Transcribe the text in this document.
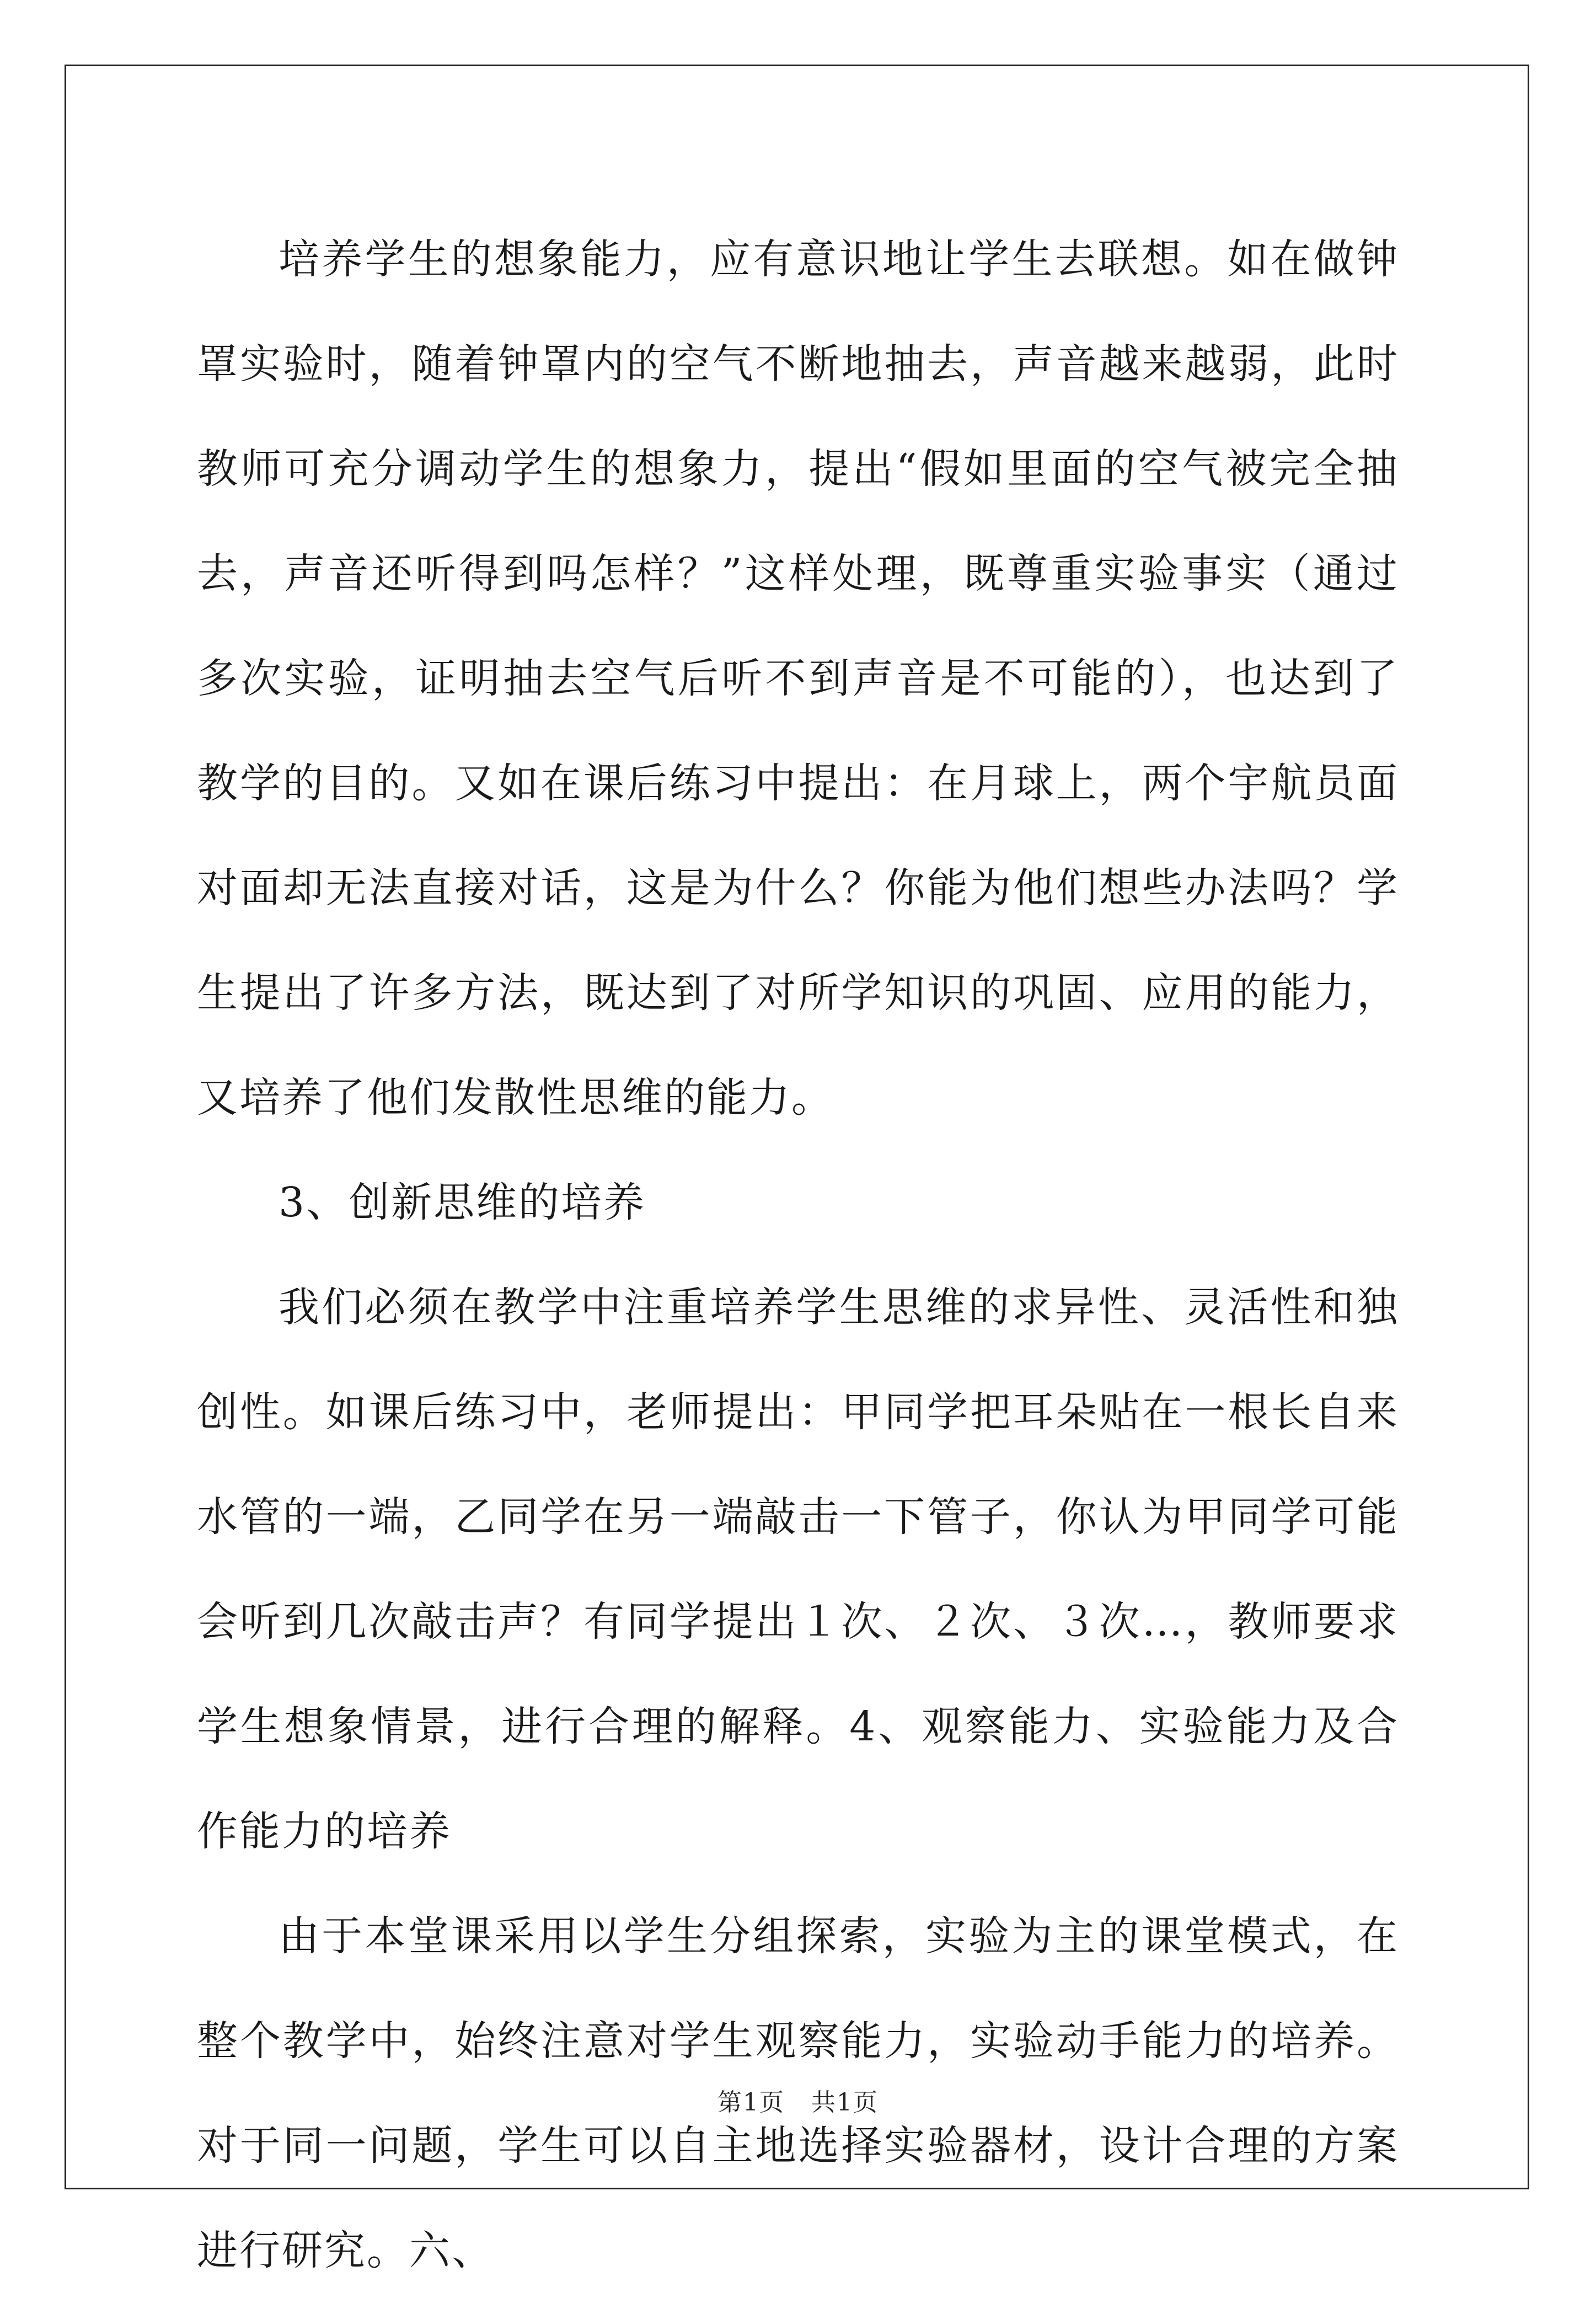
培养学生的想象能力，应有意识地让学生去联想。如在做钟罩实验时，随着钟罩内的空气不断地抽去，声音越来越弱，此时教师可充分调动学生的想象力，提出“假如里面的空气被完全抽去，声音还听得到吗怎样？”这样处理，既尊重实验事实（通过多次实验，证明抽去空气后听不到声音是不可能的），也达到了教学的目的。又如在课后练习中提出：在月球上，两个宇航员面对面却无法直接对话，这是为什么？你能为他们想些办法吗？学生提出了许多方法，既达到了对所学知识的巩固、应用的能力，又培养了他们发散性思维的能力。

3、创新思维的培养

我们必须在教学中注重培养学生思维的求异性、灵活性和独创性。如课后练习中，老师提出：甲同学把耳朵贴在一根长自来水管的一端，乙同学在另一端敲击一下管子，你认为甲同学可能会听到几次敲击声？有同学提出１次、２次、３次…，教师要求学生想象情景，进行合理的解释。4、观察能力、实验能力及合作能力的培养

由于本堂课采用以学生分组探索，实验为主的课堂模式，在整个教学中，始终注意对学生观察能力，实验动手能力的培养。对于同一问题，学生可以自主地选择实验器材，设计合理的方案进行研究。六、

第1页 共1页
